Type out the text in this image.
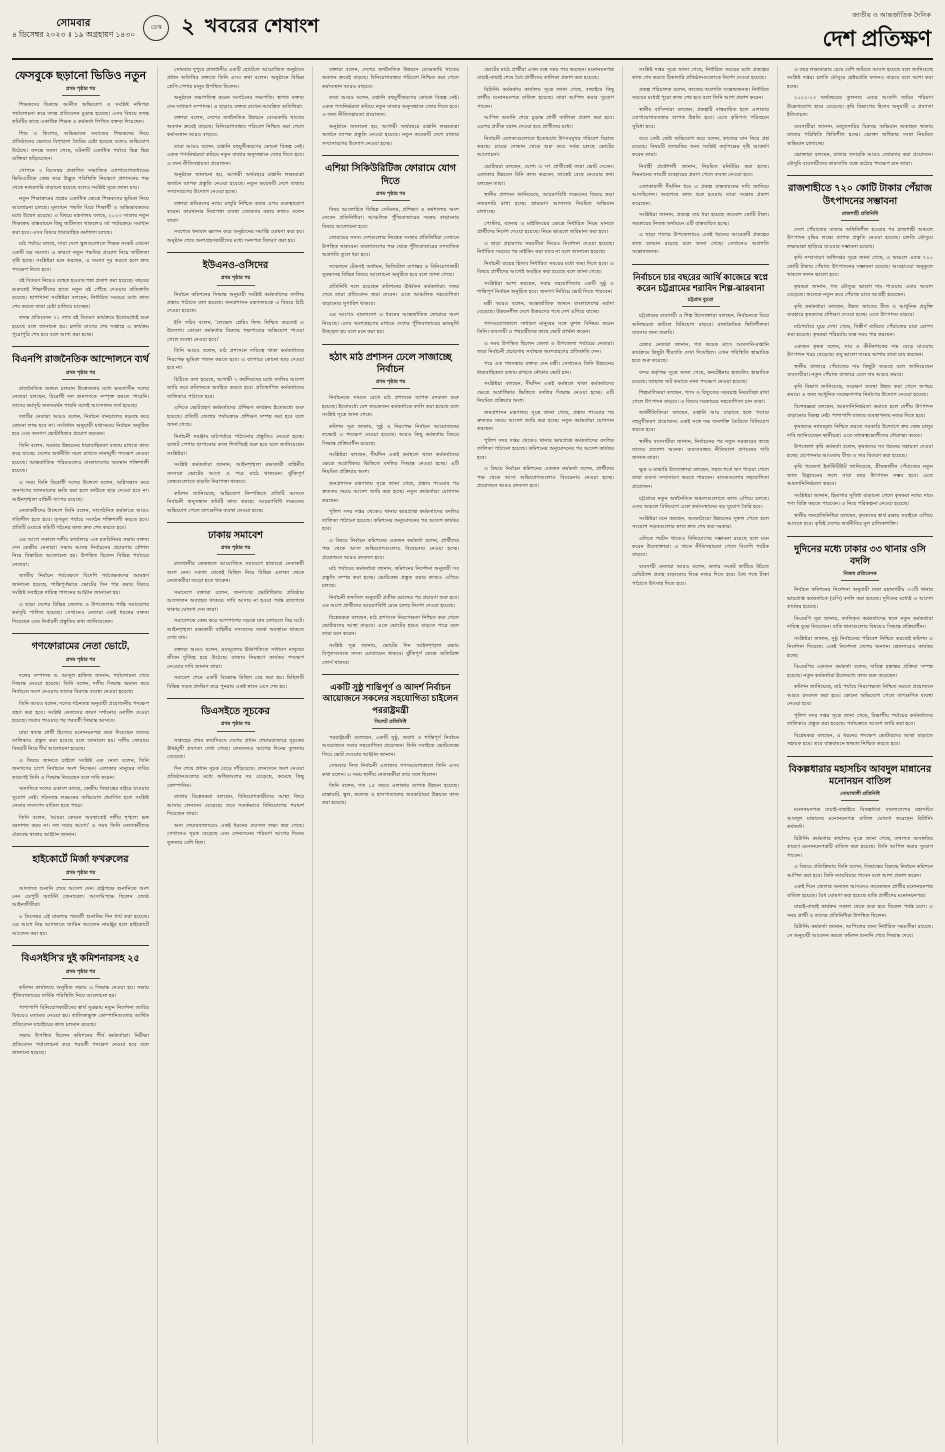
সোমবার
৪ ডিসেম্বর ২০২৩ ॥ ১৯ অগ্রহায়ণ ১৪৩০
ডেস্ক ২ খবরের শেষাংশ	জাতীয় ও আন্তর্জাতিক দৈনিক
দেশ প্রতিক্ষণ
ফেসবুকে ছড়ানো ভিডিও নতুন
প্রথম পৃষ্ঠার পর

শিক্ষকদের বিরুদ্ধে আনীত অভিযোগ ও সংশ্লিষ্ট নথিপত্র পর্যালোচনা করে তদন্ত প্রতিবেদন চূড়ান্ত হয়েছে। এসব বিষয়ে তদন্ত কমিটির কাছে একাধিক শিক্ষক ও কর্মকর্তা লিখিত বক্তব্য দিয়েছেন।

শিশু ও কিশোর, অভিভাবক সমাজের শিক্ষকদের নিয়ে প্রতিষ্ঠানের ভেতরে বিশৃঙ্খলা তৈরির চেষ্টা হয়েছে বলেও অভিযোগ উঠেছে। তদন্তে জানা গেছে, ঘটনাটি একাধিক পর্যায়ে ভিন্ন ভিন্ন ব্যক্তিরা ছড়িয়েছেন।

গোপনে ৩ ডিসেম্বর প্রকাশিত সামাজিক যোগাযোগমাধ্যমের ভিডিওটিকে কেন্দ্র করে উদ্ভূত পরিস্থিতি নিয়ন্ত্রণে প্রশাসনের পক্ষ থেকে নজরদারি বাড়ানো হয়েছে বলেও সংশ্লিষ্ট সূত্রে জানা যায়।

নতুন শিক্ষাক্রমের প্রশ্নের একাধিক ক্ষেত্রে শিক্ষকদের ভূমিকা নিয়ে আলোচনা চলছে। মূল্যায়ন পদ্ধতি ঘিরে শিক্ষার্থী ও অভিভাবকদের মধ্যে উদ্বেগ রয়েছে। এ বিষয়ে মন্ত্রণালয় বলছে, ২০২৩ সালের নতুন শিক্ষাক্রম বাস্তবায়নে কিছু জটিলতা থাকলেও তা পর্যায়ক্রমে সমাধান করা হবে। এসব বিষয়ে ধারাবাহিক কর্মশালা চলছে।

মাঠ পর্যায়ে বলছে, সারা দেশে স্কুলগুলোতে শিক্ষক সংকট এখনো একটি বড় সমস্যা। এ কারণে নতুন পদ্ধতির প্রয়োগ নিয়ে জটিলতা সৃষ্টি হচ্ছে। সংশ্লিষ্টরা মনে করছেন, এ সমস্যা দূর করতে হলে দ্রুত পদক্ষেপ নিতে হবে।

বই বিতরণ নিয়েও ব্যাহত হওয়ার শঙ্কা প্রকাশ করা হয়েছে। বছরের শুরুতেই শিক্ষার্থীদের হাতে নতুন বই পৌঁছে দেওয়ার প্রতিশ্রুতি রয়েছে। ছাপাখানা সংশ্লিষ্টরা বলছেন, নির্ধারিত সময়ের মধ্যে কাজ শেষ করতে তারা চেষ্টা চালিয়ে যাচ্ছেন।

তদন্ত প্রতিবেদন ৭১ লাখ বই বিতরণ কার্যক্রমে ইতোমধ্যেই শুরু হয়েছে বলে জানানো হয়। চলতি মাসের শেষ সপ্তাহে এ কার্যক্রম পুরোপুরি শেষ হবে বলে আশা করা হচ্ছে।

বিএনপি রাজনৈতিক আন্দোলনে ব্যর্থ
প্রথম পৃষ্ঠার পর

রাজনৈতিক অঙ্গনে চলমান উত্তেজনার মধ্যে ক্ষমতাসীন দলের নেতারা বলছেন, বিরোধী দল জনগণকে সম্পৃক্ত করতে পারেনি। তাদের কর্মসূচি জনসমর্থন পায়নি বলেই আন্দোলন ব্যর্থ হয়েছে।

দলটির নেতারা আরও বলেন, নির্বাচন বানচালের ষড়যন্ত্র করে কোনো লাভ হবে না। সংবিধান অনুযায়ী যথাসময়ে নির্বাচন অনুষ্ঠিত হবে এবং জনগণ ভোটাধিকার প্রয়োগ করবেন।

তিনি বলেন, সরকার উন্নয়নের ধারাবাহিকতা বজায় রাখতে কাজ করে যাচ্ছে। দেশের অর্থনীতি সচল রাখতে নানামুখী পদক্ষেপ নেওয়া হয়েছে। আন্তর্জাতিক পরিমণ্ডলেও বাংলাদেশের অবস্থান শক্তিশালী হয়েছে।

এ সময় তিনি বিরোধী দলের উদ্দেশে বলেন, অগ্নিসন্ত্রাস করে জনগণের জানমালের ক্ষতি করা হলে কাউকে ছাড় দেওয়া হবে না। আইনশৃঙ্খলা বাহিনী তৎপর রয়েছে।

নেতাকর্মীদের উদ্দেশে তিনি বলেন, সাংগঠনিক কর্মকাণ্ডে আরও গতিশীল হতে হবে। তৃণমূল পর্যায়ে সংগঠন শক্তিশালী করতে হবে। প্রতিটি ওয়ার্ডে কমিটি গঠনের কাজ দ্রুত শেষ করতে হবে।

এর আগে সকালে দলীয় কার্যালয়ে এক মতবিনিময় সভায় বক্তব্য দেন কেন্দ্রীয় নেতারা। সভায় আসন্ন নির্বাচনের প্রচারণার কৌশল নিয়ে বিস্তারিত আলোচনা হয়। উপস্থিত ছিলেন বিভিন্ন পর্যায়ের নেতারা।

জাতীয় নির্বাচন পর্যবেক্ষণে বিদেশি পর্যবেক্ষকদের আমন্ত্রণ জানানো হয়েছে, শান্তিপূর্ণভাবে ভোটের দিন পার করার বিষয়ে সংশ্লিষ্ট সবাইকে দায়িত্ব পালনের আহ্বান জানানো হয়।

এ ছাড়া দেশের বিভিন্ন জেলায় ও উপজেলায় শান্তি সমাবেশের কর্মসূচি পালিত হয়েছে। সেখানেও নেতারা একই ধরনের বক্তব্য দিয়েছেন এবং নির্বাচনী প্রস্তুতির কথা জানিয়েছেন।

গণফোরামের নেতা ভোটে,
প্রথম পৃষ্ঠার পর

দলের সম্পাদক ড. আব্দুল হাফিজ জানান, পর্যালোচনা শেষে সিদ্ধান্ত নেওয়া হয়েছে। তিনি বলেন, দলীয় সিদ্ধান্ত অমান্য করে নির্বাচনে অংশ নেওয়ায় তাদের বিরুদ্ধে ব্যবস্থা নেওয়া হয়েছে।

তিনি আরও বলেন, দলের গঠনতন্ত্র অনুযায়ী প্রয়োজনীয় পদক্ষেপ গ্রহণ করা হবে। সংশ্লিষ্ট নেতাদের কারণ দর্শানোর নোটিশ দেওয়া হয়েছে। জবাব পাওয়ার পর পরবর্তী সিদ্ধান্ত আসবে।

যারা স্বতন্ত্র প্রার্থী হিসেবে মনোনয়নপত্র জমা দিয়েছেন তাদের তালিকাও প্রস্তুত করা হয়েছে বলে জানানো হয়। দলীয় ফোরামে বিষয়টি নিয়ে দীর্ঘ আলোচনা হয়েছে।

এ বিষয়ে জানতে চাইলে সংশ্লিষ্ট এক নেতা বলেন, তিনি জনগণের চাপে নির্বাচনে অংশ নিচ্ছেন। এলাকার মানুষের দাবির কারণেই তিনি এ সিদ্ধান্ত নিয়েছেন বলে দাবি করেন।

অন্যদিকে দলের একাংশ বলছে, কেন্দ্রীয় সিদ্ধান্তের বাইরে যাওয়ার সুযোগ নেই। গঠনতন্ত্র লঙ্ঘনের অভিযোগ প্রমাণিত হলে সংশ্লিষ্ট নেতার সদস্যপদ বাতিল হতে পারে।

তিনি বলেন, 'আমরা কোনো অবস্থাতেই দলীয় শৃঙ্খলা ভঙ্গ বরদাশত করব না। দল সবার আগে।' এ সময় তিনি নেতাকর্মীদের ঐক্যবদ্ধ থাকার আহ্বান জানান।

হাইকোর্টে মির্জা ফখরুলের
প্রথম পৃষ্ঠার পর

আদালত শুনানি শেষে আদেশ দেন। রাষ্ট্রপক্ষে শুনানিতে অংশ নেন ডেপুটি অ্যাটর্নি জেনারেল। আসামিপক্ষে ছিলেন জ্যেষ্ঠ আইনজীবীরা।

৪ ডিসেম্বর এই মামলার পরবর্তী শুনানির দিন ধার্য করা হয়েছে। এর আগে নিম্ন আদালতে জামিন আবেদন নামঞ্জুর হলে হাইকোর্টে আবেদন করা হয়।

বিএসইসি'র দুই কমিশনারসহ ২৫
প্রথম পৃষ্ঠার পর

কমিশন কার্যালয়ে অনুষ্ঠিত সভায় এ সিদ্ধান্ত নেওয়া হয়। সভায় পুঁজিবাজারের সার্বিক পরিস্থিতি নিয়ে আলোচনা হয়।

পাশাপাশি বিনিয়োগকারীদের স্বার্থ সুরক্ষায় নতুন নির্দেশনা জারির বিষয়েও মতামত নেওয়া হয়। তালিকাভুক্ত কোম্পানিগুলোর আর্থিক প্রতিবেদন যাচাইয়ের কাজ চলমান রয়েছে।

সভায় উপস্থিত ছিলেন কমিশনের শীর্ষ কর্মকর্তারা। নিরীক্ষা প্রতিবেদন পর্যালোচনা করে পরবর্তী পদক্ষেপ নেওয়া হবে বলে জানানো হয়েছে।

সোমবার দুপুরে রাজধানীর একটি হোটেলে আয়োজিত অনুষ্ঠানে প্রধান অতিথির বক্তব্যে তিনি এসব কথা বলেন। অনুষ্ঠানে বিভিন্ন শ্রেণি-পেশার মানুষ উপস্থিত ছিলেন।

অনুষ্ঠানে সভাপতিত্ব করেন সংগঠনের সভাপতি। স্বাগত বক্তব্য দেন সাধারণ সম্পাদক। এ ছাড়াও বক্তব্য রাখেন আমন্ত্রিত অতিথিরা।

বক্তারা বলেন, দেশের অর্থনৈতিক উন্নয়নে বেসরকারি খাতের অবদান ক্রমেই বাড়ছে। বিনিয়োগবান্ধব পরিবেশ নিশ্চিত করা গেলে কর্মসংস্থান আরও বাড়বে।

তারা আরও বলেন, রপ্তানি বহুমুখীকরণের কোনো বিকল্প নেই। একক পণ্যনির্ভরতা কমিয়ে নতুন বাজার অনুসন্ধানে জোর দিতে হবে। এ জন্য নীতিসহায়তা প্রয়োজন।

অনুষ্ঠানে জানানো হয়, আগামী অর্থবছরে রপ্তানি লক্ষ্যমাত্রা অর্জনে ব্যাপক প্রস্তুতি নেওয়া হয়েছে। নতুন কয়েকটি দেশে বাজার সম্প্রসারণের উদ্যোগ নেওয়া হচ্ছে।

বক্তারা শ্রমিকদের ন্যায্য মজুরি নিশ্চিত করার ওপর গুরুত্বারোপ করেন। কারখানার নিরাপত্তা ব্যবস্থা জোরদার করার কথাও বলেন তারা।

সবশেষে ধন্যবাদ জ্ঞাপন করে অনুষ্ঠানের সমাপ্তি ঘোষণা করা হয়। অনুষ্ঠান শেষে অংশগ্রহণকারীদের মধ্যে সনদপত্র বিতরণ করা হয়।

ইউএনও-ওসিদের
প্রথম পৃষ্ঠার পর

নির্বাচন কমিশনের সিদ্ধান্ত অনুযায়ী সংশ্লিষ্ট কর্মকর্তাদের বদলির প্রস্তাব পাঠাতে বলা হয়েছে। জনপ্রশাসন মন্ত্রণালয়কে এ বিষয়ে চিঠি দেওয়া হয়েছে।

ইসি সচিব বলেন, 'লেভেল প্লেয়িং ফিল্ড নিশ্চিত করতেই এ উদ্যোগ। কোনো কর্মকর্তার বিরুদ্ধে পক্ষপাতের অভিযোগ পাওয়া গেলে ব্যবস্থা নেওয়া হবে।'

তিনি আরও বলেন, মাঠ প্রশাসনে দায়িত্বে থাকা কর্মকর্তাদের নিরপেক্ষ ভূমিকা পালন করতে হবে। এ ব্যাপারে কোনো ছাড় দেওয়া হবে না।

চিঠিতে বলা হয়েছে, আগামী ৭ কর্মদিবসের মধ্যে বদলির আদেশ জারি করে কমিশনকে অবহিত করতে হবে। প্রতিস্থাপিত কর্মকর্তাদের তালিকাও পাঠাতে হবে।

এদিকে ভোটগ্রহণ কর্মকর্তাদের প্রশিক্ষণ কার্যক্রম ইতোমধ্যে শুরু হয়েছে। প্রতিটি জেলায় পর্যায়ক্রমে প্রশিক্ষণ সম্পন্ন করা হবে বলে জানা গেছে।

নির্বাচনী সরঞ্জাম মাঠপর্যায়ে পাঠানোর প্রস্তুতিও নেওয়া হচ্ছে। ব্যালট পেপার ছাপানোর কাজ শিগগিরই শুরু হবে বলে জানিয়েছেন সংশ্লিষ্টরা।

সংশ্লিষ্ট কর্মকর্তারা জানান, আইনশৃঙ্খলা রক্ষাকারী বাহিনীর সদস্যরা ভোটের আগে ও পরে মাঠে থাকবেন। ঝুঁকিপূর্ণ কেন্দ্রগুলোতে বাড়তি নিরাপত্তা থাকবে।

কমিশন জানিয়েছে, অভিযোগ নিষ্পত্তিতে প্রতিটি আসনে নির্বাচনী অনুসন্ধান কমিটি কাজ করছে। আচরণবিধি লঙ্ঘনের অভিযোগ পেলে তাৎক্ষণিক ব্যবস্থা নেওয়া হচ্ছে।

ঢাকায় সমাবেশ
প্রথম পৃষ্ঠার পর

রাজধানীর কেন্দ্রস্থলে আয়োজিত সমাবেশে হাজারো নেতাকর্মী অংশ নেন। সকাল থেকেই মিছিল নিয়ে বিভিন্ন এলাকা থেকে নেতাকর্মীরা জড়ো হতে থাকেন।

সমাবেশে বক্তারা বলেন, জনগণের ভোটাধিকার প্রতিষ্ঠায় আন্দোলন অব্যাহত থাকবে। দাবি আদায় না হওয়া পর্যন্ত রাজপথে থাকার ঘোষণা দেন তারা।

সমাবেশকে কেন্দ্র করে আশপাশের সড়কে যান চলাচলে বিঘ্ন ঘটে। আইনশৃঙ্খলা রক্ষাকারী বাহিনীর সদস্যদের সতর্ক অবস্থানে থাকতে দেখা যায়।

বক্তারা আরও বলেন, দ্রব্যমূল্যের ঊর্ধ্বগতিতে সাধারণ মানুষের জীবন দুর্বিষহ হয়ে উঠেছে। বাজার নিয়ন্ত্রণে কার্যকর পদক্ষেপ নেওয়ার দাবি জানান তারা।

সমাবেশ শেষে একটি বিক্ষোভ মিছিল বের করা হয়। মিছিলটি বিভিন্ন সড়ক প্রদক্ষিণ করে পুনরায় একই স্থানে এসে শেষ হয়।

ডিএসইতে সূচকের
প্রথম পৃষ্ঠার পর

সপ্তাহের প্রথম কার্যদিবসে দেশের প্রধান শেয়ারবাজারে সূচকের ঊর্ধ্বমুখী প্রবণতা দেখা গেছে। লেনদেনও আগের দিনের তুলনায় বেড়েছে।

দিন শেষে প্রধান সূচক বেড়ে দাঁড়িয়েছে। লেনদেনে অংশ নেওয়া প্রতিষ্ঠানগুলোর মধ্যে অধিকাংশের দর বেড়েছে, কমেছে কিছু কোম্পানির।

বাজার বিশ্লেষকরা বলছেন, বিনিয়োগকারীদের আস্থা ফিরে আসায় লেনদেন বেড়েছে। তবে সতর্কভাবে বিনিয়োগের পরামর্শ দিয়েছেন তারা।

অন্য শেয়ারবাজারেও একই ধরনের প্রবণতা লক্ষ্য করা গেছে। সেখানেও সূচক বেড়েছে এবং লেনদেনের পরিমাণ আগের দিনের তুলনায় বেশি ছিল।

বক্তারা বলেন, দেশের অর্থনৈতিক উন্নয়নে বেসরকারি খাতের অবদান ক্রমেই বাড়ছে। বিনিয়োগবান্ধব পরিবেশ নিশ্চিত করা গেলে কর্মসংস্থান আরও বাড়বে।

তারা আরও বলেন, রপ্তানি বহুমুখীকরণের কোনো বিকল্প নেই। একক পণ্যনির্ভরতা কমিয়ে নতুন বাজার অনুসন্ধানে জোর দিতে হবে। এ জন্য নীতিসহায়তা প্রয়োজন।

অনুষ্ঠানে জানানো হয়, আগামী অর্থবছরে রপ্তানি লক্ষ্যমাত্রা অর্জনে ব্যাপক প্রস্তুতি নেওয়া হয়েছে। নতুন কয়েকটি দেশে বাজার সম্প্রসারণের উদ্যোগ নেওয়া হচ্ছে।

এশিয়া সিকিউরিটিজ ফোরামে যোগ দিতে
প্রথম পৃষ্ঠার পর

বিষয় আলোচিত বিভিন্ন সেমিনার, প্রশিক্ষণ ও কর্মশালায় অংশ নেবেন প্রতিনিধিরা। আঞ্চলিক পুঁজিবাজারের সমন্বয় বাড়ানোর বিষয়ে আলোচনা হবে।

ফোরামের সদস্য দেশগুলোর নিয়ন্ত্রক সংস্থার প্রতিনিধিরা সেখানে উপস্থিত থাকবেন। বাংলাদেশের পক্ষ থেকে পুঁজিবাজারের সাম্প্রতিক অগ্রগতি তুলে ধরা হবে।

সম্মেলনে টেকসই অর্থায়ন, ডিজিটাল রূপান্তর ও বিনিয়োগকারী সুরক্ষাসহ বিভিন্ন বিষয়ে আলোচনা অনুষ্ঠিত হবে বলে জানা গেছে।

প্রতিনিধি দলে রয়েছেন কমিশনের ঊর্ধ্বতন কর্মকর্তারা। সফর শেষে তারা প্রতিবেদন জমা দেবেন। এতে আঞ্চলিক সহযোগিতা বাড়ানোর সুপারিশ থাকবে।

এর আগেও বাংলাদেশ এ ধরনের আন্তর্জাতিক ফোরামে অংশ নিয়েছে। এসব অংশগ্রহণের মাধ্যমে দেশের পুঁজিবাজারের ভাবমূর্তি উজ্জ্বল হয় বলে মনে করা হয়।

হঠাৎ মাঠ প্রশাসন ঢেলে সাজাচ্ছে নির্বাচন
প্রথম পৃষ্ঠার পর

নির্বাচনকে সামনে রেখে মাঠ প্রশাসনে ব্যাপক রদবদল শুরু হয়েছে। ইতোমধ্যে বেশ কয়েকজন কর্মকর্তাকে বদলি করা হয়েছে বলে সংশ্লিষ্ট সূত্রে জানা গেছে।

কমিশন সূত্র জানায়, সুষ্ঠু ও নিরপেক্ষ নির্বাচন আয়োজনের লক্ষ্যেই এ পদক্ষেপ নেওয়া হয়েছে। আরও কিছু কর্মকর্তার বিষয়ে সিদ্ধান্ত প্রক্রিয়াধীন রয়েছে।

সংশ্লিষ্টরা বলছেন, দীর্ঘদিন একই কর্মস্থলে থাকা কর্মকর্তাদের ক্ষেত্রে অগ্রাধিকার ভিত্তিতে বদলির সিদ্ধান্ত নেওয়া হচ্ছে। এটি নিয়মিত প্রক্রিয়ার অংশ।

জনপ্রশাসন মন্ত্রণালয় সূত্রে জানা গেছে, প্রস্তাব পাওয়ার পর দ্রুততম সময়ে আদেশ জারি করা হচ্ছে। নতুন কর্মকর্তারা যোগদান করছেন।

পুলিশ সদর দপ্তর থেকেও থানার ভারপ্রাপ্ত কর্মকর্তাদের বদলির তালিকা পাঠানো হয়েছে। কমিশনের অনুমোদনের পর আদেশ কার্যকর হবে।

এ বিষয়ে নির্বাচন কমিশনের একজন কর্মকর্তা বলেন, প্রার্থীদের পক্ষ থেকে আসা অভিযোগগুলোও বিবেচনায় নেওয়া হচ্ছে। প্রয়োজনে আরও রদবদল হবে।

মাঠ পর্যায়ের কর্মকর্তারা জানান, কমিশনের নির্দেশনা অনুযায়ী সব প্রস্তুতি সম্পন্ন করা হচ্ছে। ভোটকেন্দ্র প্রস্তুত করার কাজও এগিয়ে চলছে।

নির্বাচনী তফসিল অনুযায়ী প্রতীক বরাদ্দের পর প্রচারণা শুরু হবে। এর আগে প্রার্থীদের আচরণবিধি মেনে চলার নির্দেশ দেওয়া হয়েছে।

বিশ্লেষকরা বলছেন, মাঠ প্রশাসনে নিরপেক্ষতা নিশ্চিত করা গেলে ভোটারদের আস্থা বাড়বে। এতে ভোটের হারও বাড়তে পারে বলে তারা মনে করেন।

সংশ্লিষ্ট সূত্র জানায়, ভোটের দিন আইনশৃঙ্খলা রক্ষায় বিপুলসংখ্যক সদস্য মোতায়েন থাকবে। ঝুঁকিপূর্ণ কেন্দ্রে অতিরিক্ত ফোর্স থাকবে।

একটি সুষ্ঠু শান্তিপূর্ণ ও আদর্শ নির্বাচন আয়োজনে সকলের সহযোগিতা চাইলেন পররাষ্ট্রমন্ত্রী
সিলেট প্রতিনিধি

পররাষ্ট্রমন্ত্রী বলেছেন, একটি সুষ্ঠু, অবাধ ও শান্তিপূর্ণ নির্বাচন আয়োজনে সবার সহযোগিতা প্রয়োজন। তিনি সবাইকে ভোটকেন্দ্রে গিয়ে ভোট দেওয়ার আহ্বান জানান।

সোমবার নিজ নির্বাচনী এলাকায় গণসংযোগকালে তিনি এসব কথা বলেন। এ সময় স্থানীয় নেতাকর্মীরা তার সঙ্গে ছিলেন।

তিনি বলেন, গত ১৫ বছরে এলাকার ব্যাপক উন্নয়ন হয়েছে। রাস্তাঘাট, স্কুল, কলেজ ও হাসপাতালের অবকাঠামো উন্নয়নে কাজ করা হয়েছে।

ভোটের মাঠে প্রার্থীরা এখন ব্যস্ত সময় পার করছেন। মনোনয়নপত্র যাচাই-বাছাই শেষে বৈধ প্রার্থীদের তালিকা প্রকাশ করা হয়েছে।

রিটার্নিং কর্মকর্তার কার্যালয় সূত্রে জানা গেছে, বাছাইয়ে কিছু প্রার্থীর মনোনয়নপত্র বাতিল হয়েছে। তারা আপিল করার সুযোগ পাবেন।

আপিল শুনানি শেষে চূড়ান্ত প্রার্থী তালিকা প্রকাশ করা হবে। এরপর প্রতীক বরাদ্দ দেওয়া হবে প্রার্থীদের মধ্যে।

নির্বাচনী এলাকাগুলোতে ইতোমধ্যে উৎসবমুখর পরিবেশ বিরাজ করছে। চায়ের দোকান থেকে শুরু করে সর্বত্র চলছে ভোটের আলোচনা।

ভোটাররা বলছেন, যোগ্য ও সৎ প্রার্থীকেই তারা ভোট দেবেন। এলাকার উন্নয়নে যিনি কাজ করবেন, তাকেই বেছে নেওয়ার কথা বলছেন তারা।

স্থানীয় প্রশাসন জানিয়েছে, আচরণবিধি লঙ্ঘনের বিষয়ে কড়া নজরদারি রাখা হচ্ছে। ভ্রাম্যমাণ আদালত নিয়মিত অভিযান চালাচ্ছে।

পোস্টার, ব্যানার ও মাইকিংয়ের ক্ষেত্রে নির্ধারিত নিয়ম মানতে প্রার্থীদের নির্দেশ দেওয়া হয়েছে। নিয়ম ভাঙলে জরিমানা করা হবে।

এ ছাড়া প্রচারণার সময়সীমা নিয়েও নির্দেশনা দেওয়া হয়েছে। নির্ধারিত সময়ের পর মাইকিং করা যাবে না বলে জানানো হয়েছে।

নির্বাচনী ব্যয়ের হিসাব নির্ধারিত সময়ের মধ্যে জমা দিতে হবে। এ বিষয়ে প্রার্থীদের আগেই অবহিত করা হয়েছে বলে জানা গেছে।

সংশ্লিষ্টরা আশা করছেন, সবার সহযোগিতায় একটি সুষ্ঠু ও শান্তিপূর্ণ নির্বাচন অনুষ্ঠিত হবে। জনগণ নির্বিঘ্নে ভোট দিতে পারবেন।

মন্ত্রী আরও বলেন, আন্তর্জাতিক অঙ্গনে বাংলাদেশের মর্যাদা বেড়েছে। উন্নয়নশীল দেশে উত্তরণের পথে দেশ এগিয়ে যাচ্ছে।

গণসংযোগকালে সাধারণ মানুষের সঙ্গে কুশল বিনিময় করেন তিনি। ব্যবসায়ী ও পথচারীদের কাছে ভোট প্রার্থনা করেন।

এ সময় উপস্থিত ছিলেন জেলা ও উপজেলা পর্যায়ের নেতারা। তারা নির্বাচনী প্রচারণায় সর্বাত্মক অংশগ্রহণের প্রতিশ্রুতি দেন।

পরে এক পথসভায় বক্তব্য দেন মন্ত্রী। সেখানেও তিনি উন্নয়নের ধারাবাহিকতা বজায় রাখতে নৌকায় ভোট চান।

সংশ্লিষ্টরা বলছেন, দীর্ঘদিন একই কর্মস্থলে থাকা কর্মকর্তাদের ক্ষেত্রে অগ্রাধিকার ভিত্তিতে বদলির সিদ্ধান্ত নেওয়া হচ্ছে। এটি নিয়মিত প্রক্রিয়ার অংশ।

জনপ্রশাসন মন্ত্রণালয় সূত্রে জানা গেছে, প্রস্তাব পাওয়ার পর দ্রুততম সময়ে আদেশ জারি করা হচ্ছে। নতুন কর্মকর্তারা যোগদান করছেন।

পুলিশ সদর দপ্তর থেকেও থানার ভারপ্রাপ্ত কর্মকর্তাদের বদলির তালিকা পাঠানো হয়েছে। কমিশনের অনুমোদনের পর আদেশ কার্যকর হবে।

এ বিষয়ে নির্বাচন কমিশনের একজন কর্মকর্তা বলেন, প্রার্থীদের পক্ষ থেকে আসা অভিযোগগুলোও বিবেচনায় নেওয়া হচ্ছে। প্রয়োজনে আরও রদবদল হবে।

সংশ্লিষ্ট দপ্তর সূত্রে জানা গেছে, নির্ধারিত সময়ের মধ্যে প্রকল্পের কাজ শেষ করতে ঠিকাদারি প্রতিষ্ঠানগুলোকে নির্দেশ দেওয়া হয়েছে।

প্রকল্প পরিচালক বলেন, কাজের অগ্রগতি সন্তোষজনক। নির্ধারিত সময়ের মধ্যেই পুরো কাজ শেষ হবে বলে তিনি আশা প্রকাশ করেন।

স্থানীয় বাসিন্দারা বলছেন, প্রকল্পটি বাস্তবায়িত হলে এলাকার যোগাযোগব্যবস্থার ব্যাপক উন্নতি হবে। এতে কৃষিপণ্য পরিবহনে সুবিধা হবে।

তবে কেউ কেউ অভিযোগ করে বলেন, কাজের মান নিয়ে প্রশ্ন রয়েছে। বিষয়টি তদারকির জন্য সংশ্লিষ্ট কর্তৃপক্ষের দৃষ্টি আকর্ষণ করেন তারা।

নির্বাহী প্রকৌশলী জানান, নিয়মিত মনিটরিং করা হচ্ছে। নিম্নমানের সামগ্রী ব্যবহারের প্রমাণ পেলে ব্যবস্থা নেওয়া হবে।

এলাকাবাসী দীর্ঘদিন ধরে এ প্রকল্প বাস্তবায়নের দাবি জানিয়ে আসছিলেন। অবশেষে কাজ শুরু হওয়ায় তারা সন্তোষ প্রকাশ করেছেন।

সংশ্লিষ্টরা জানান, প্রকল্পে ব্যয় ধরা হয়েছে কয়েকশ কোটি টাকা। সরকারের নিজস্ব অর্থায়নে এটি বাস্তবায়িত হচ্ছে।

এ ছাড়া পাশের উপজেলায়ও একই ধরনের আরেকটি প্রকল্পের কাজ চলমান রয়েছে বলে জানা গেছে। সেখানেও অগ্রগতি সন্তোষজনক।

নির্বাচনে চার বছরের আর্থি কাজেরে স্বপ্নে করেন চট্টগ্রামের শরাবিদ শিল্প-ঝারবানা
চট্টগ্রাম ব্যুরো

চট্টগ্রামের ব্যবসায়ী ও শিল্প উদ্যোক্তারা বলছেন, নির্বাচনকে ঘিরে অনিশ্চয়তা কাটলে বিনিয়োগ বাড়বে। রাজনৈতিক স্থিতিশীলতা ব্যবসার জন্য জরুরি।

চেম্বার নেতারা জানান, গত কয়েক মাসে আমদানি-রপ্তানি কার্যক্রমে কিছুটা ধীরগতি দেখা দিয়েছিল। এখন পরিস্থিতি স্বাভাবিক হতে শুরু করেছে।

বন্দর কর্তৃপক্ষ সূত্রে জানা গেছে, কনটেইনার হ্যান্ডলিং স্বাভাবিক রয়েছে। জাহাজ জট কমাতে নানা পদক্ষেপ নেওয়া হয়েছে।

শিল্পমালিকরা বলছেন, গ্যাস ও বিদ্যুতের সরবরাহ নিরবচ্ছিন্ন রাখা গেলে উৎপাদন বাড়বে। এ বিষয়ে সরকারের সহযোগিতা চান তারা।

অর্থনীতিবিদরা বলছেন, রপ্তানি আয় বাড়াতে হলে পণ্যের বহুমুখীকরণ প্রয়োজন। একই সঙ্গে দক্ষ জনশক্তি তৈরিতে বিনিয়োগ করতে হবে।

স্থানীয় ব্যবসায়ীরা জানান, নির্বাচনের পর নতুন সরকারের কাছে তাদের প্রত্যাশা অনেক। ব্যবসাবান্ধব নীতিমালা প্রণয়নের দাবি জানান তারা।

ক্ষুদ্র ও মাঝারি উদ্যোক্তারা বলছেন, সহজ শর্তে ঋণ পাওয়া গেলে তারা ব্যবসা সম্প্রসারণ করতে পারবেন। ব্যাংকগুলোর সহযোগিতা প্রয়োজন।

চট্টগ্রামে নতুন অর্থনৈতিক অঞ্চলগুলোতে কাজ এগিয়ে চলছে। এসব অঞ্চলে বিনিয়োগ এলে কর্মসংস্থানের বড় সুযোগ তৈরি হবে।

সংশ্লিষ্টরা মনে করছেন, অবকাঠামো উন্নয়নের সুফল পেতে হলে সংযোগ সড়কগুলোর কাজ দ্রুত শেষ করা দরকার।

এদিকে পর্যটন খাতেও বিনিয়োগের সম্ভাবনা রয়েছে বলে মনে করেন উদ্যোক্তারা। এ খাতে নীতিসহায়তা পেলে বিদেশি পর্যটক বাড়বে।

ব্যবসায়ী নেতারা আরও বলেন, ডলার সংকট কাটিয়ে উঠতে রেমিট্যান্স প্রবাহ বাড়ানোর দিকে নজর দিতে হবে। বৈধ পথে টাকা পাঠাতে উৎসাহ দিতে হবে।

এ বছর লক্ষ্যমাত্রার চেয়ে বেশি জমিতে আবাদ হয়েছে বলে জানিয়েছে সংশ্লিষ্ট দপ্তর। চলতি মৌসুমে হেক্টরপ্রতি ফলনও বাড়বে বলে আশা করা হচ্ছে।

২০২২-২৩ অর্থবছরের তুলনায় এবার আবাদি জমির পরিমাণ উল্লেখযোগ্য হারে বেড়েছে। কৃষি বিভাগের হিসাব অনুযায়ী এ প্রবণতা ইতিবাচক।

ব্যবসায়ীরা জানান, মজুতদারির বিরুদ্ধে অভিযান অব্যাহত থাকায় বাজার পরিস্থিতি স্থিতিশীল হচ্ছে। ভোক্তা অধিকার সংস্থা নিয়মিত অভিযান চালাচ্ছে।

ভোক্তারা বলছেন, বাজার তদারকি আরও জোরদার করা প্রয়োজন। মৌসুমি ব্যবসায়ীদের কারসাজি বন্ধে কঠোর পদক্ষেপ চান তারা।

রাজশাহীতে ৭২০ কোটি টাকার পেঁয়াজ উৎপাদনের সম্ভাবনা
রাজশাহী প্রতিনিধি

দেশে পেঁয়াজের বাজার অস্থিতিশীল হওয়ার পর রাজশাহী অঞ্চলে উৎপাদন বৃদ্ধির লক্ষ্যে ব্যাপক প্রস্তুতি নেওয়া হয়েছে। চলতি মৌসুমে লক্ষ্যমাত্রা ছাড়িয়ে যাওয়ার সম্ভাবনা রয়েছে।

কৃষি সম্প্রসারণ অধিদপ্তর সূত্রে জানা গেছে, এ অঞ্চলে এবার ৭২০ কোটি টাকার পেঁয়াজ উৎপাদনের সম্ভাবনা রয়েছে। আবহাওয়া অনুকূলে থাকলে ফলন ভালো হবে।

কৃষকরা জানান, গত মৌসুমে ভালো দাম পাওয়ায় এবার আবাদ বেড়েছে। অনেকে নতুন করে পেঁয়াজ চাষে আগ্রহী হয়েছেন।

কৃষি কর্মকর্তারা বলছেন, উন্নত জাতের বীজ ও আধুনিক প্রযুক্তি ব্যবহারে কৃষকদের প্রশিক্ষণ দেওয়া হচ্ছে। এতে উৎপাদন বাড়বে।

মাঠপর্যায়ে ঘুরে দেখা গেছে, বিস্তীর্ণ জমিতে পেঁয়াজের চারা রোপণ করা হয়েছে। কৃষকরা পরিচর্যায় ব্যস্ত সময় পার করছেন।

একজন কৃষক বলেন, সার ও কীটনাশকের দাম বেড়ে যাওয়ায় উৎপাদন খরচ বেড়েছে। তবু ভালো দামের আশায় তারা চাষ করছেন।

স্থানীয় বাজারে পেঁয়াজের দাম কিছুটা কমেছে বলে জানিয়েছেন ব্যবসায়ীরা। নতুন পেঁয়াজ বাজারে এলে দাম আরও কমবে।

কৃষি বিভাগ জানিয়েছে, সংরক্ষণ ব্যবস্থা উন্নত করা গেলে অপচয় কমবে। এ জন্য আধুনিক সংরক্ষণাগার নির্মাণের উদ্যোগ নেওয়া হয়েছে।

বিশেষজ্ঞরা বলছেন, আমদানিনির্ভরতা কমাতে হলে দেশীয় উৎপাদন বাড়ানোর বিকল্প নেই। পাশাপাশি বাজার ব্যবস্থাপনায় নজর দিতে হবে।

কৃষকদের ন্যায্যমূল্য নিশ্চিত করতে সরকারি উদ্যোগে ক্রয় কেন্দ্র চালুর দাবি জানিয়েছেন স্থানীয়রা। এতে মধ্যস্বত্বভোগীদের দৌরাত্ম্য কমবে।

উপজেলা কৃষি কর্মকর্তা বলেন, কৃষকদের সব ধরনের সহায়তা দেওয়া হচ্ছে। প্রণোদনার আওতায় বীজ ও সার বিতরণ করা হয়েছে।

কৃষি গবেষণা ইনস্টিটিউট জানিয়েছে, গ্রীষ্মকালীন পেঁয়াজের নতুন জাত উদ্ভাবনের ফলে সারা বছর উৎপাদন সম্ভব হবে। এতে আমদানিনির্ভরতা কমবে।

সংশ্লিষ্টরা জানান, হিমাগার সুবিধা বাড়ানো গেলে কৃষকরা ন্যায্য দামে পণ্য বিক্রি করতে পারবেন। এ নিয়ে পরিকল্পনা নেওয়া হয়েছে।

স্থানীয় জনপ্রতিনিধিরা বলছেন, কৃষকদের স্বার্থ রক্ষায় সবাইকে এগিয়ে আসতে হবে। কৃষিই দেশের অর্থনীতির মূল চালিকাশক্তি।

দুদিনের মধ্যে ঢাকার ৩৩ থানার ওসি বদলি
নিজস্ব প্রতিবেদক

নির্বাচন কমিশনের নির্দেশনা অনুযায়ী ঢাকা মহানগরীর ৩৩টি থানার ভারপ্রাপ্ত কর্মকর্তাকে (ওসি) বদলি করা হয়েছে। দুদিনের মধ্যেই এ আদেশ কার্যকর হয়েছে।

ডিএমপি সূত্র জানায়, বদলিকৃত কর্মকর্তাদের স্থলে নতুন কর্মকর্তারা দায়িত্ব বুঝে নিয়েছেন। বাকি থানাগুলোর বিষয়েও সিদ্ধান্ত প্রক্রিয়াধীন।

সংশ্লিষ্টরা জানান, সুষ্ঠু নির্বাচনের পরিবেশ নিশ্চিত করতেই কমিশন এ নির্দেশনা দিয়েছে। একই নির্দেশনা দেশের অন্যান্য মহানগরেও কার্যকর হচ্ছে।

ডিএমপির একজন কর্মকর্তা বলেন, দায়িত্ব হস্তান্তর প্রক্রিয়া সম্পন্ন হয়েছে। নতুন কর্মকর্তারা ইতোমধ্যে কাজ শুরু করেছেন।

কমিশন জানিয়েছে, মাঠ পর্যায়ে নিরপেক্ষতা নিশ্চিত করতে প্রয়োজনে আরও রদবদল করা হবে। কোনো অভিযোগ পেলে তাৎক্ষণিক ব্যবস্থা নেওয়া হবে।

পুলিশ সদর দপ্তর সূত্রে জানা গেছে, বিভাগীয় পর্যায়ের কর্মকর্তাদের তালিকাও প্রস্তুত করা হয়েছে। পর্যায়ক্রমে আদেশ জারি করা হবে।

বিশ্লেষকরা বলছেন, এ ধরনের পদক্ষেপ ভোটারদের আস্থা বাড়াতে সহায়ক হবে। তবে বাস্তবায়নে স্বচ্ছতা নিশ্চিত করতে হবে।

বিকল্পধারার মহাসচিব আবদুল মান্নানের মনোনয়ন বাতিল
নোয়াখালী প্রতিনিধি

মনোনয়নপত্র যাচাই-বাছাইয়ে বিকল্পধারা বাংলাদেশের মহাসচিব আবদুল মান্নানের মনোনয়নপত্র বাতিল ঘোষণা করেছেন রিটার্নিং কর্মকর্তা।

রিটার্নিং কর্মকর্তার কার্যালয় সূত্রে জানা গেছে, তথ্যগত অসঙ্গতির কারণে মনোনয়নপত্রটি বাতিল করা হয়েছে। তিনি আপিল করার সুযোগ পাবেন।

এ বিষয়ে প্রতিক্রিয়ায় তিনি বলেন, সিদ্ধান্তের বিরুদ্ধে নির্বাচন কমিশনে আপিল করা হবে। তিনি ন্যায়বিচার পাবেন বলে আশা প্রকাশ করেন।

একই দিনে জেলার অন্যান্য আসনেও কয়েকজন প্রার্থীর মনোনয়নপত্র বাতিল হয়েছে। বৈধ ঘোষণা করা হয়েছে বাকি প্রার্থীদের মনোনয়নপত্র।

যাচাই-বাছাই কার্যক্রম সকাল থেকে শুরু হয়ে বিকেল পর্যন্ত চলে। এ সময় প্রার্থী ও তাদের প্রতিনিধিরা উপস্থিত ছিলেন।

রিটার্নিং কর্মকর্তা জানান, আপিলের জন্য নির্ধারিত সময়সীমা রয়েছে। সে অনুযায়ী আবেদন করলে কমিশন শুনানি শেষে সিদ্ধান্ত দেবে।
